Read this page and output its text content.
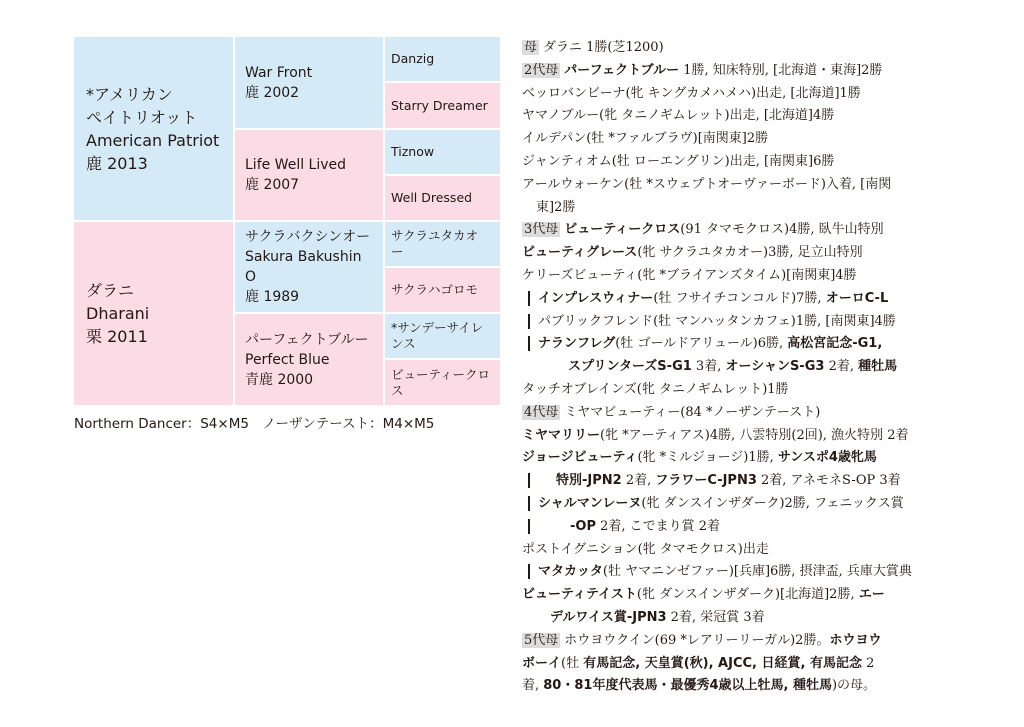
*アメリカン
ペイトリオット
American Patriot
鹿 2013
ダラニ
Dharani
栗 2011
War Front
鹿 2002
Life Well Lived
鹿 2007
サクラバクシンオー
Sakura Bakushin O
鹿 1989
パーフェクトブルー
Perfect Blue
青鹿 2000
Danzig
Starry Dreamer
Tiznow
Well Dressed
サクラユタカオー
サクラハゴロモ
*サンデーサイレンス
ビューティークロス
Northern Dancer：S4×M5　ノーザンテースト：M4×M5
母 ダラニ 1勝(芝1200)
2代母 パーフェクトブルー 1勝, 知床特別, [北海道・東海]2勝
ベッロバンビーナ(牝 キングカメハメハ)出走, [北海道]1勝
ヤマノブルー(牝 タニノギムレット)出走, [北海道]4勝
イルデパン(牡 *ファルブラヴ)[南関東]2勝
ジャンティオム(牡 ローエングリン)出走, [南関東]6勝
アールウォーケン(牡 *スウェプトオーヴァーボード)入着, [南関
東]2勝
3代母 ビューティークロス(91 タマモクロス)4勝, 臥牛山特別
ビューティグレース(牝 サクラユタカオー)3勝, 足立山特別
ケリーズビューティ(牝 *ブライアンズタイム)[南関東]4勝
インプレスウィナー(牡 フサイチコンコルド)7勝, オーロC-L
パブリックフレンド(牡 マンハッタンカフェ)1勝, [南関東]4勝
ナランフレグ(牡 ゴールドアリュール)6勝, 高松宮記念-G1,
スプリンターズS-G1 3着, オーシャンS-G3 2着, 種牡馬
タッチオブレインズ(牝 タニノギムレット)1勝
4代母 ミヤマビューティー(84 *ノーザンテースト)
ミヤマリリー(牝 *アーティアス)4勝, 八雲特別(2回), 漁火特別 2着
ジョージビューティ(牝 *ミルジョージ)1勝, サンスポ4歳牝馬
特別-JPN2 2着, フラワーC-JPN3 2着, アネモネS-OP 3着
シャルマンレーヌ(牝 ダンスインザダーク)2勝, フェニックス賞
-OP 2着, こでまり賞 2着
ポストイグニション(牝 タマモクロス)出走
マタカッタ(牡 ヤマニンゼファー)[兵庫]6勝, 摂津盃, 兵庫大賞典
ビューティテイスト(牝 ダンスインザダーク)[北海道]2勝, エー
デルワイス賞-JPN3 2着, 栄冠賞 3着
5代母 ホウヨウクイン(69 *レアリーリーガル)2勝。ホウヨウ
ボーイ(牡 有馬記念, 天皇賞(秋), AJCC, 日経賞, 有馬記念 2
着, 80・81年度代表馬・最優秀4歳以上牡馬, 種牡馬)の母。
